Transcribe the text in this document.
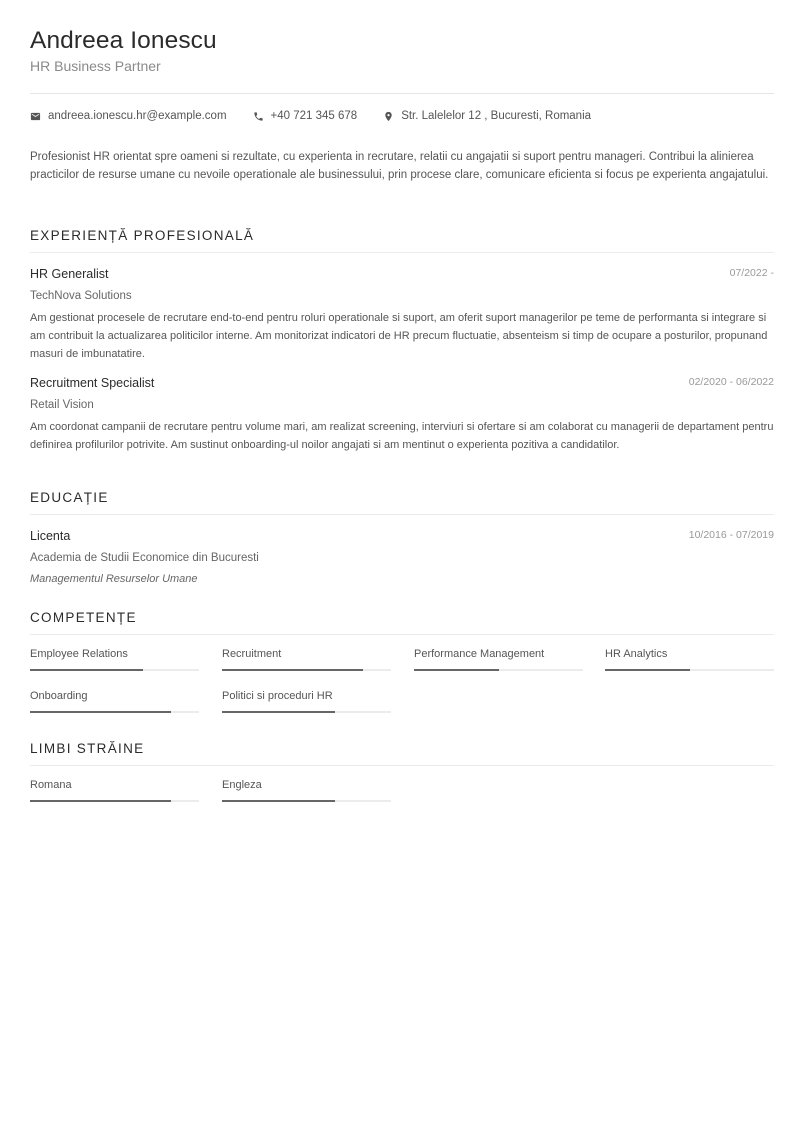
Andreea Ionescu
HR Business Partner
andreea.ionescu.hr@example.com	+40 721 345 678	Str. Lalelelor 12 , Bucuresti, Romania
Profesionist HR orientat spre oameni si rezultate, cu experienta in recrutare, relatii cu angajatii si suport pentru manageri. Contribui la alinierea practicilor de resurse umane cu nevoile operationale ale businessului, prin procese clare, comunicare eficienta si focus pe experienta angajatului.
EXPERIENȚĂ PROFESIONALĂ
HR Generalist	07/2022 -
TechNova Solutions
Am gestionat procesele de recrutare end-to-end pentru roluri operationale si suport, am oferit suport managerilor pe teme de performanta si integrare si am contribuit la actualizarea politicilor interne. Am monitorizat indicatori de HR precum fluctuatie, absenteism si timp de ocupare a posturilor, propunand masuri de imbunatatire.
Recruitment Specialist	02/2020 - 06/2022
Retail Vision
Am coordonat campanii de recrutare pentru volume mari, am realizat screening, interviuri si ofertare si am colaborat cu managerii de departament pentru definirea profilurilor potrivite. Am sustinut onboarding-ul noilor angajati si am mentinut o experienta pozitiva a candidatilor.
EDUCAȚIE
Licenta	10/2016 - 07/2019
Academia de Studii Economice din Bucuresti
Managementul Resurselor Umane
COMPETENȚE
Employee Relations	Recruitment	Performance Management	HR Analytics
Onboarding	Politici si proceduri HR
LIMBI STRĂINE
Romana	Engleza
